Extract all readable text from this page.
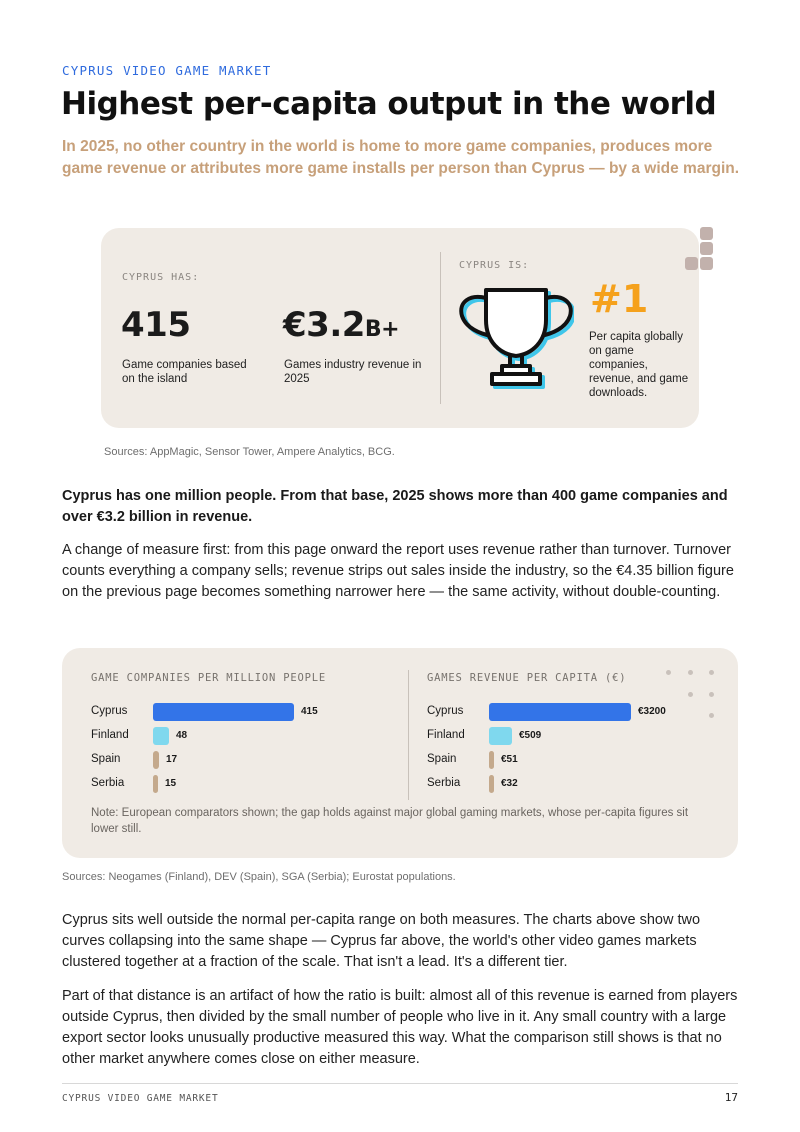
CYPRUS VIDEO GAME MARKET
Highest per-capita output in the world

In 2025, no other country in the world is home to more game companies, produces more game revenue or attributes more game installs per person than Cyprus — by a wide margin.

CYPRUS HAS:
415
Game companies based on the island
€3.2B+
Games industry revenue in 2025
CYPRUS IS:
#1
Per capita globally on game companies, revenue, and game downloads.
Sources: AppMagic, Sensor Tower, Ampere Analytics, BCG.

Cyprus has one million people. From that base, 2025 shows more than 400 game companies and over €3.2 billion in revenue.

A change of measure first: from this page onward the report uses revenue rather than turnover. Turnover counts everything a company sells; revenue strips out sales inside the industry, so the €4.35 billion figure on the previous page becomes something narrower here — the same activity, without double-counting.

GAME COMPANIES PER MILLION PEOPLE
Cyprus	415
Finland	48
Spain	17
Serbia	15
GAMES REVENUE PER CAPITA (€)
Cyprus	€3200
Finland	€509
Spain	€51
Serbia	€32
Note: European comparators shown; the gap holds against major global gaming markets, whose per-capita figures sit lower still.
Sources: Neogames (Finland), DEV (Spain), SGA (Serbia); Eurostat populations.

Cyprus sits well outside the normal per-capita range on both measures. The charts above show two curves collapsing into the same shape — Cyprus far above, the world's other video games markets clustered together at a fraction of the scale. That isn't a lead. It's a different tier.

Part of that distance is an artifact of how the ratio is built: almost all of this revenue is earned from players outside Cyprus, then divided by the small number of people who live in it. Any small country with a large export sector looks unusually productive measured this way. What the comparison still shows is that no other market anywhere comes close on either measure.

CYPRUS VIDEO GAME MARKET	17
